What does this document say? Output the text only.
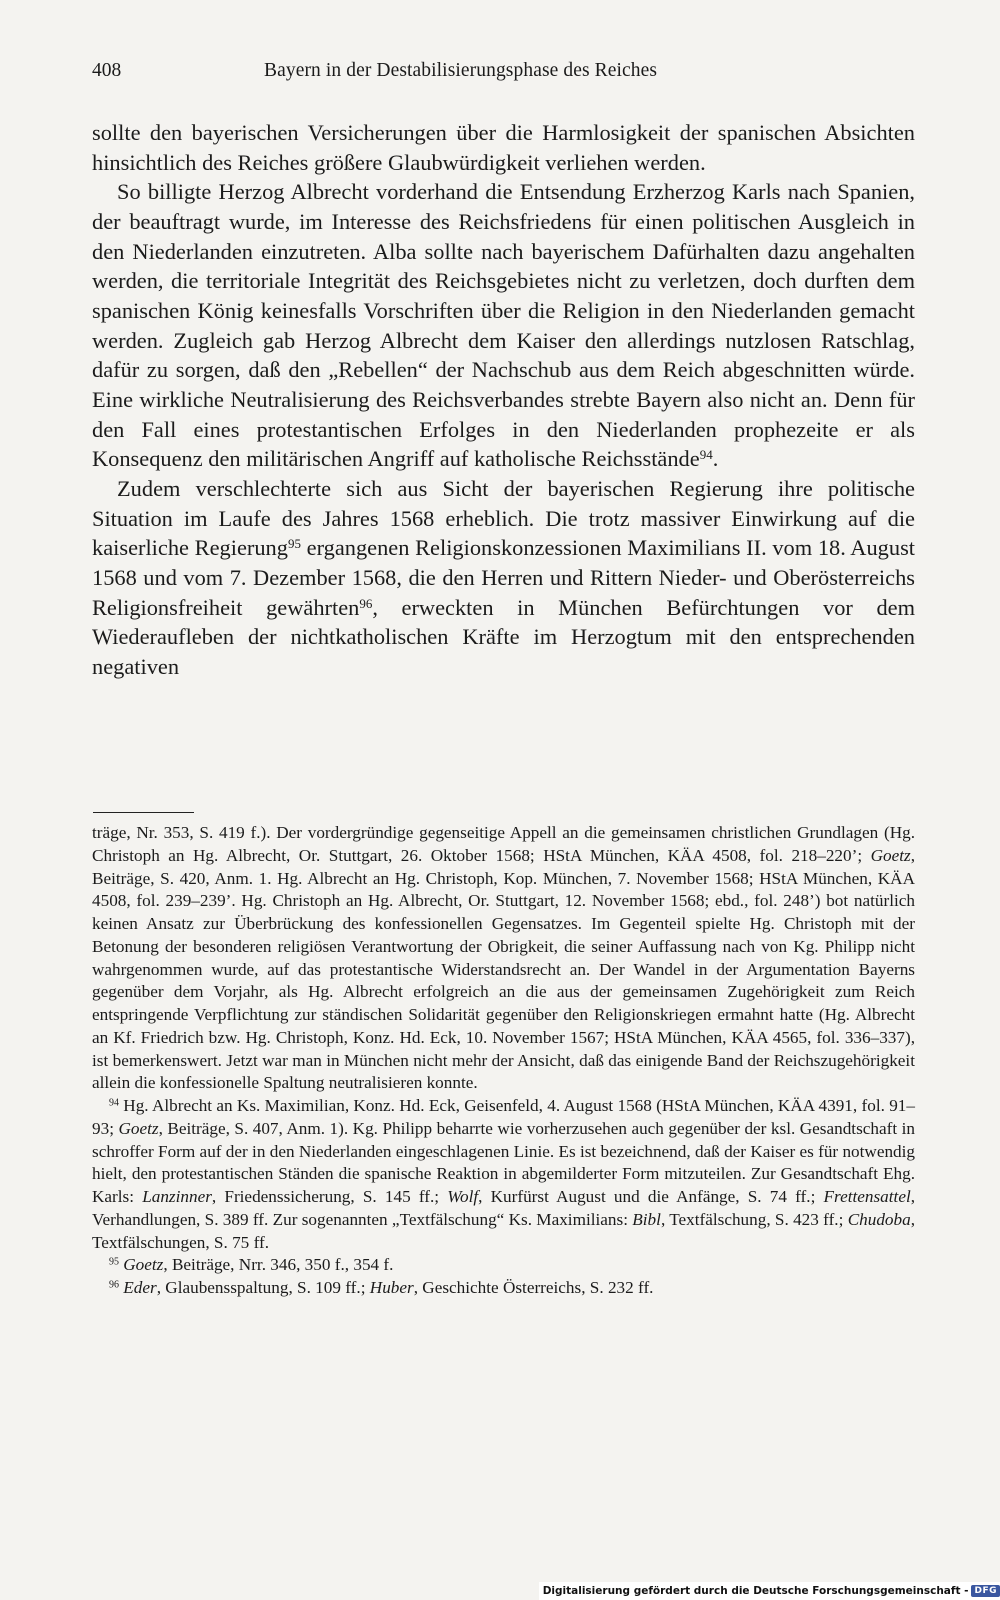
408	Bayern in der Destabilisierungsphase des Reiches

sollte den bayerischen Versicherungen über die Harmlosigkeit der spanischen Absichten hinsichtlich des Reiches größere Glaubwürdigkeit verliehen werden.

So billigte Herzog Albrecht vorderhand die Entsendung Erzherzog Karls nach Spanien, der beauftragt wurde, im Interesse des Reichsfriedens für einen politischen Ausgleich in den Niederlanden einzutreten. Alba sollte nach bayerischem Dafürhalten dazu angehalten werden, die territoriale Integrität des Reichsgebietes nicht zu verletzen, doch durften dem spanischen König keinesfalls Vorschriften über die Religion in den Niederlanden gemacht werden. Zugleich gab Herzog Albrecht dem Kaiser den allerdings nutzlosen Ratschlag, dafür zu sorgen, daß den „Rebellen“ der Nachschub aus dem Reich abgeschnitten würde. Eine wirkliche Neutralisierung des Reichsverbandes strebte Bayern also nicht an. Denn für den Fall eines protestantischen Erfolges in den Niederlanden prophezeite er als Konsequenz den militärischen Angriff auf katholische Reichsstände$^{94}$.

Zudem verschlechterte sich aus Sicht der bayerischen Regierung ihre politische Situation im Laufe des Jahres 1568 erheblich. Die trotz massiver Einwirkung auf die kaiserliche Regierung$^{95}$ ergangenen Religionskonzessionen Maximilians II. vom 18. August 1568 und vom 7. Dezember 1568, die den Herren und Rittern Nieder- und Oberösterreichs Religionsfreiheit gewährten$^{96}$, erweckten in München Befürchtungen vor dem Wiederaufleben der nichtkatholischen Kräfte im Herzogtum mit den entsprechenden negativen

träge, Nr. 353, S. 419 f.). Der vordergründige gegenseitige Appell an die gemeinsamen christlichen Grundlagen (Hg. Christoph an Hg. Albrecht, Or. Stuttgart, 26. Oktober 1568; HStA München, KÄA 4508, fol. 218–220’; Goetz, Beiträge, S. 420, Anm. 1. Hg. Albrecht an Hg. Christoph, Kop. München, 7. November 1568; HStA München, KÄA 4508, fol. 239–239’. Hg. Christoph an Hg. Albrecht, Or. Stuttgart, 12. November 1568; ebd., fol. 248’) bot natürlich keinen Ansatz zur Überbrückung des konfessionellen Gegensatzes. Im Gegenteil spielte Hg. Christoph mit der Betonung der besonderen religiösen Verantwortung der Obrigkeit, die seiner Auffassung nach von Kg. Philipp nicht wahrgenommen wurde, auf das protestantische Widerstandsrecht an. Der Wandel in der Argumentation Bayerns gegenüber dem Vorjahr, als Hg. Albrecht erfolgreich an die aus der gemeinsamen Zugehörigkeit zum Reich entspringende Verpflichtung zur ständischen Solidarität gegenüber den Religionskriegen ermahnt hatte (Hg. Albrecht an Kf. Friedrich bzw. Hg. Christoph, Konz. Hd. Eck, 10. November 1567; HStA München, KÄA 4565, fol. 336–337), ist bemerkenswert. Jetzt war man in München nicht mehr der Ansicht, daß das einigende Band der Reichszugehörigkeit allein die konfessionelle Spaltung neutralisieren konnte.

$^{94}$ Hg. Albrecht an Ks. Maximilian, Konz. Hd. Eck, Geisenfeld, 4. August 1568 (HStA München, KÄA 4391, fol. 91–93; Goetz, Beiträge, S. 407, Anm. 1). Kg. Philipp beharrte wie vorherzusehen auch gegenüber der ksl. Gesandtschaft in schroffer Form auf der in den Niederlanden eingeschlagenen Linie. Es ist bezeichnend, daß der Kaiser es für notwendig hielt, den protestantischen Ständen die spanische Reaktion in abgemilderter Form mitzuteilen. Zur Gesandtschaft Ehg. Karls: Lanzinner, Friedenssicherung, S. 145 ff.; Wolf, Kurfürst August und die Anfänge, S. 74 ff.; Frettensattel, Verhandlungen, S. 389 ff. Zur sogenannten „Textfälschung“ Ks. Maximilians: Bibl, Textfälschung, S. 423 ff.; Chudoba, Textfälschungen, S. 75 ff.

$^{95}$ Goetz, Beiträge, Nrr. 346, 350 f., 354 f.

$^{96}$ Eder, Glaubensspaltung, S. 109 ff.; Huber, Geschichte Österreichs, S. 232 ff.

Digitalisierung gefördert durch die Deutsche Forschungsgemeinschaft - DFG
